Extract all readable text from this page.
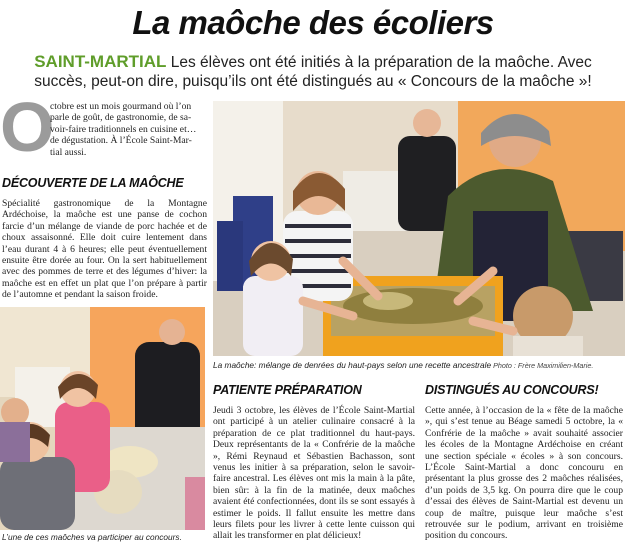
La maôche des écoliers
SAINT-MARTIAL Les élèves ont été initiés à la préparation de la maôche. Avec succès, peut-on dire, puisqu’ils ont été distingués au « Concours de la maôche »!
O
ctobre est un mois gourmand où l’on
parle de goût, de gastronomie, de sa-
voir-faire traditionnels en cuisine et…
de dégustation. À l’École Saint-Mar-
tial aussi.
DÉCOUVERTE DE LA MAÔCHE
Spécialité gastronomique de la Montagne Ardéchoise, la maôche est une panse de cochon farcie d’un mélange de viande de porc hachée et de choux assaisonné. Elle doit cuire lentement dans l’eau durant 4 à 6 heures; elle peut éventuellement ensuite être dorée au four. On la sert habituellement avec des pommes de terre et des légumes d’hiver: la maôche est en effet un plat que l’on prépare à partir de l’automne et pendant la saison froide.
La maôche: mélange de denrées du haut-pays selon une recette ancestrale Photo : Frère Maximilien-Marie.
L’une de ces maôches va participer au concours.
PATIENTE PRÉPARATION
Jeudi 3 octobre, les élèves de l’École Saint-Martial ont participé à un atelier culinaire consacré à la préparation de ce plat traditionnel du haut-pays. Deux représentants de la « Confrérie de la maôche », Rémi Reynaud et Sébastien Bachasson, sont venus les initier à sa préparation, selon le savoir-faire ancestral. Les élèves ont mis la main à la pâte, bien sûr: à la fin de la matinée, deux maôches avaient été confectionnées, dont ils se sont essayés à estimer le poids. Il fallut ensuite les mettre dans leurs filets pour les livrer à cette lente cuisson qui allait les transformer en plat délicieux!
DISTINGUÉS AU CONCOURS!
Cette année, à l’occasion de la « fête de la maôche », qui s’est tenue au Béage samedi 5 octobre, la « Confrérie de la maôche » avait souhaité associer les écoles de la Montagne Ardéchoise en créant une section spéciale « écoles » à son concours. L’École Saint-Martial a donc concouru en présentant la plus grosse des 2 maôches réalisées, d’un poids de 3,5 kg. On pourra dire que le coup d’essai des élèves de Saint-Martial est devenu un coup de maître, puisque leur maôche s’est retrouvée sur le podium, arrivant en troisième position du concours.
